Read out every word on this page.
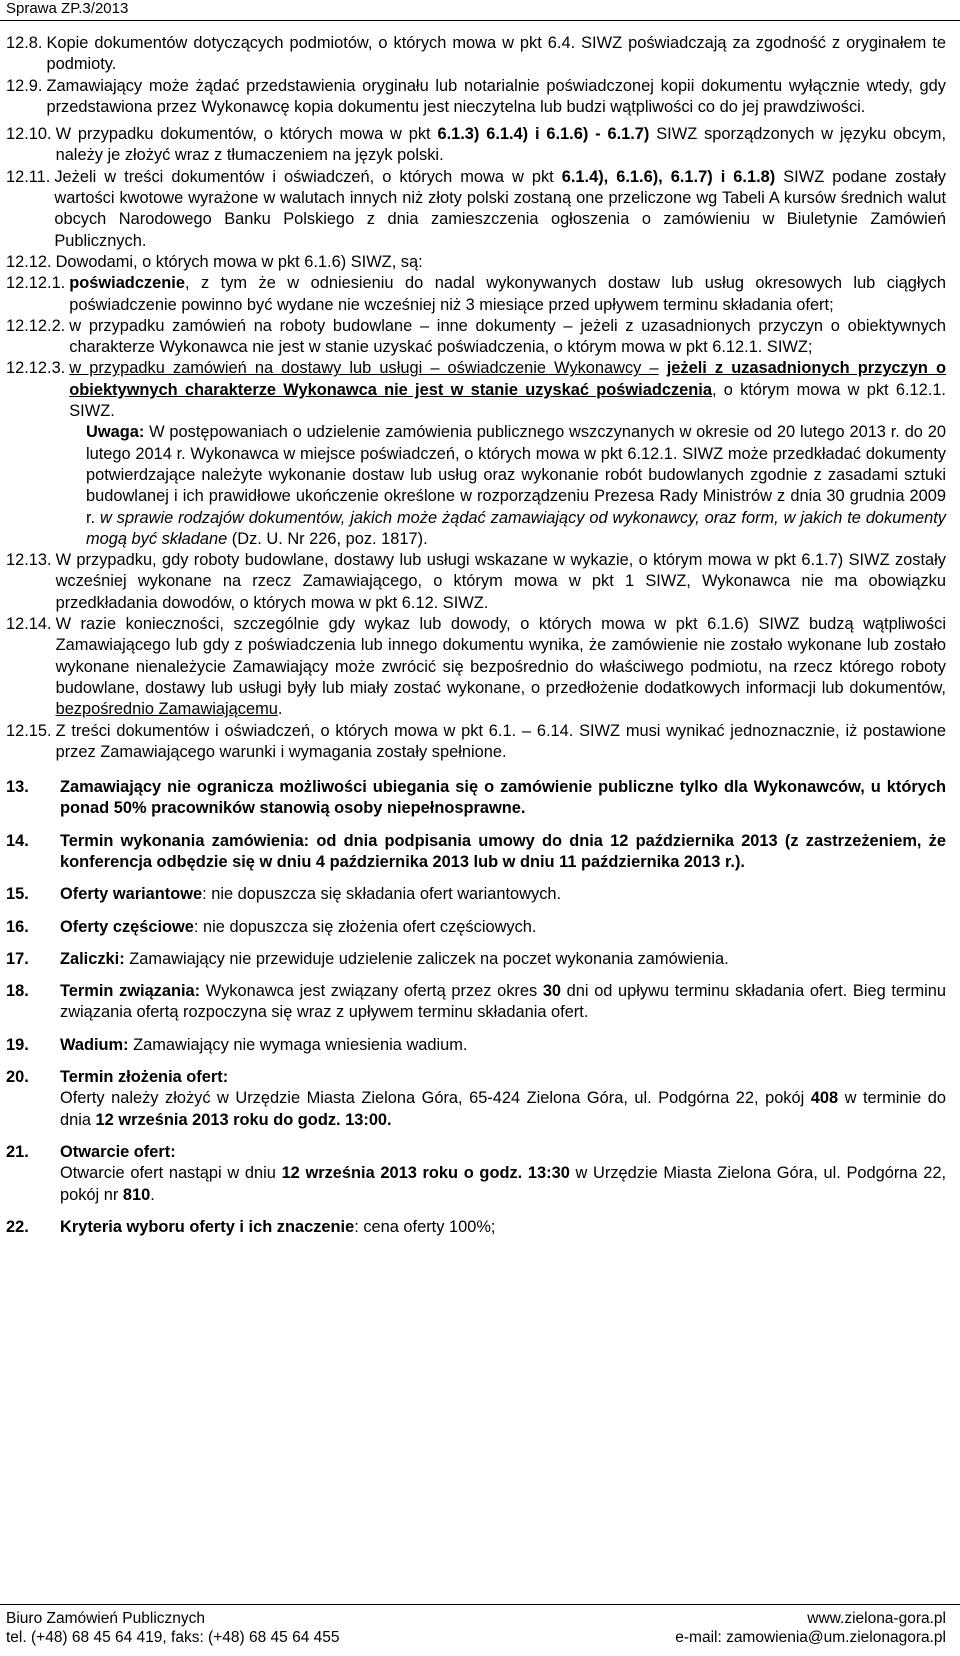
Sprawa ZP.3/2013
12.8. Kopie dokumentów dotyczących podmiotów, o których mowa w pkt 6.4. SIWZ poświadczają za zgodność z oryginałem te podmioty.
12.9. Zamawiający może żądać przedstawienia oryginału lub notarialnie poświadczonej kopii dokumentu wyłącznie wtedy, gdy przedstawiona przez Wykonawcę kopia dokumentu jest nieczytelna lub budzi wątpliwości co do jej prawdziwości.
12.10. W przypadku dokumentów, o których mowa w pkt 6.1.3) 6.1.4) i 6.1.6) - 6.1.7) SIWZ sporządzonych w języku obcym, należy je złożyć wraz z tłumaczeniem na język polski.
12.11. Jeżeli w treści dokumentów i oświadczeń, o których mowa w pkt 6.1.4), 6.1.6), 6.1.7) i 6.1.8) SIWZ podane zostały wartości kwotowe wyrażone w walutach innych niż złoty polski zostaną one przeliczone wg Tabeli A kursów średnich walut obcych Narodowego Banku Polskiego z dnia zamieszczenia ogłoszenia o zamówieniu w Biuletynie Zamówień Publicznych.
12.12. Dowodami, o których mowa w pkt 6.1.6) SIWZ, są:
12.12.1. poświadczenie, z tym że w odniesieniu do nadal wykonywanych dostaw lub usług okresowych lub ciągłych poświadczenie powinno być wydane nie wcześniej niż 3 miesiące przed upływem terminu składania ofert;
12.12.2. w przypadku zamówień na roboty budowlane – inne dokumenty – jeżeli z uzasadnionych przyczyn o obiektywnych charakterze Wykonawca nie jest w stanie uzyskać poświadczenia, o którym mowa w pkt 6.12.1. SIWZ;
12.12.3. w przypadku zamówień na dostawy lub usługi – oświadczenie Wykonawcy – jeżeli z uzasadnionych przyczyn o obiektywnych charakterze Wykonawca nie jest w stanie uzyskać poświadczenia, o którym mowa w pkt 6.12.1. SIWZ.
Uwaga: W postępowaniach o udzielenie zamówienia publicznego wszczynanych w okresie od 20 lutego 2013 r. do 20 lutego 2014 r. Wykonawca w miejsce poświadczeń, o których mowa w pkt 6.12.1. SIWZ może przedkładać dokumenty potwierdzające należyte wykonanie dostaw lub usług oraz wykonanie robót budowlanych zgodnie z zasadami sztuki budowlanej i ich prawidłowe ukończenie określone w rozporządzeniu Prezesa Rady Ministrów z dnia 30 grudnia 2009 r. w sprawie rodzajów dokumentów, jakich może żądać zamawiający od wykonawcy, oraz form, w jakich te dokumenty mogą być składane (Dz. U. Nr 226, poz. 1817).
12.13. W przypadku, gdy roboty budowlane, dostawy lub usługi wskazane w wykazie, o którym mowa w pkt 6.1.7) SIWZ zostały wcześniej wykonane na rzecz Zamawiającego, o którym mowa w pkt 1 SIWZ, Wykonawca nie ma obowiązku przedkładania dowodów, o których mowa w pkt 6.12. SIWZ.
12.14. W razie konieczności, szczególnie gdy wykaz lub dowody, o których mowa w pkt 6.1.6) SIWZ budzą wątpliwości Zamawiającego lub gdy z poświadczenia lub innego dokumentu wynika, że zamówienie nie zostało wykonane lub zostało wykonane nienależycie Zamawiający może zwrócić się bezpośrednio do właściwego podmiotu, na rzecz którego roboty budowlane, dostawy lub usługi były lub miały zostać wykonane, o przedłożenie dodatkowych informacji lub dokumentów, bezpośrednio Zamawiającemu.
12.15. Z treści dokumentów i oświadczeń, o których mowa w pkt 6.1. – 6.14. SIWZ musi wynikać jednoznacznie, iż postawione przez Zamawiającego warunki i wymagania zostały spełnione.
13.	Zamawiający nie ogranicza możliwości ubiegania się o zamówienie publiczne tylko dla Wykonawców, u których ponad 50% pracowników stanowią osoby niepełnosprawne.
14.	Termin wykonania zamówienia: od dnia podpisania umowy do dnia 12 października 2013 (z zastrzeżeniem, że konferencja odbędzie się w dniu 4 października 2013 lub w dniu 11 października 2013 r.).
15.	Oferty wariantowe: nie dopuszcza się składania ofert wariantowych.
16.	Oferty częściowe: nie dopuszcza się złożenia ofert częściowych.
17.	Zaliczki: Zamawiający nie przewiduje udzielenie zaliczek na poczet wykonania zamówienia.
18.	Termin związania: Wykonawca jest związany ofertą przez okres 30 dni od upływu terminu składania ofert. Bieg terminu związania ofertą rozpoczyna się wraz z upływem terminu składania ofert.
19.	Wadium: Zamawiający nie wymaga wniesienia wadium.
20.	Termin złożenia ofert:
Oferty należy złożyć w Urzędzie Miasta Zielona Góra, 65-424 Zielona Góra, ul. Podgórna 22, pokój 408 w terminie do dnia 12 września 2013 roku do godz. 13:00.
21.	Otwarcie ofert:
Otwarcie ofert nastąpi w dniu 12 września 2013 roku o godz. 13:30 w Urzędzie Miasta Zielona Góra, ul. Podgórna 22, pokój nr 810.
22.	Kryteria wyboru oferty i ich znaczenie: cena oferty 100%;
Biuro Zamówień Publicznych	www.zielona-gora.pl
tel. (+48) 68 45 64 419, faks: (+48) 68 45 64 455	e-mail: zamowienia@um.zielonagora.pl
